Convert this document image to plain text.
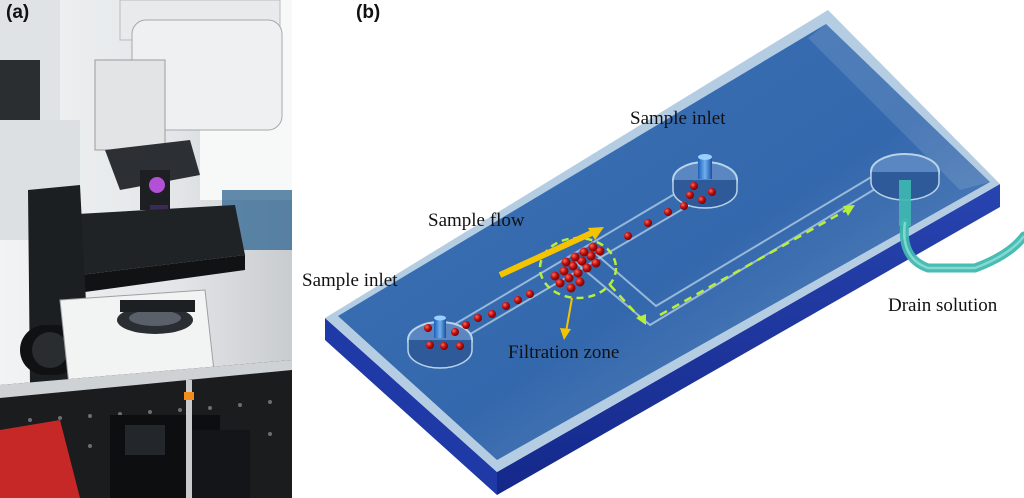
(a)	(b)
Sample inlet
Sample inlet
Sample flow
Filtration zone
Drain solution
